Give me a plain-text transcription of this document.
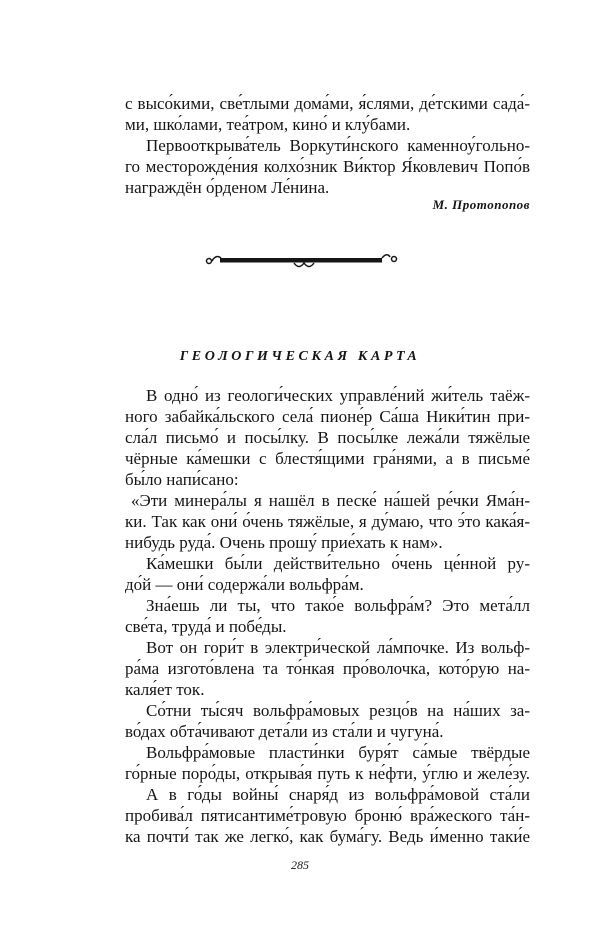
с высо́кими, све́тлыми дома́ми, я́слями, де́тскими сада́-
ми, шко́лами, теа́тром, кино́ и клу́бами.
Первооткрыва́тель Воркути́нского каменноу́гольно-
го месторожде́ния колхо́зник Ви́ктор Я́ковлевич Попо́в
награждён о́рденом Ле́нина.
М. Протопопов
ГЕОЛОГИЧЕСКАЯ КАРТА
В одно́ из геологи́ческих управле́ний жи́тель таёж-
ного забайка́льского села́ пионе́р Са́ша Ники́тин при-
сла́л письмо́ и посы́лку. В посы́лке лежа́ли тяжёлые
чёрные ка́мешки с блестя́щими гра́нями, а в письме́
бы́ло напи́сано:
«Эти минера́лы я нашёл в песке́ на́шей ре́чки Яма́н-
ки. Так как они́ о́чень тяжёлые, я ду́маю, что э́то кака́я-
нибудь руда́. Очень прошу́ прие́хать к нам».
Ка́мешки бы́ли действи́тельно о́чень це́нной ру-
до́й — они́ содержа́ли вольфра́м.
Зна́ешь ли ты, что тако́е вольфра́м? Это мета́лл
све́та, труда́ и побе́ды.
Вот он гори́т в электри́ческой ла́мпочке. Из вольф-
ра́ма изгото́влена та то́нкая про́волочка, кото́рую на-
каля́ет ток.
Со́тни ты́сяч вольфра́мовых резцо́в на на́ших за-
во́дах обта́чивают дета́ли из ста́ли и чугуна́.
Вольфра́мовые пласти́нки буря́т са́мые твёрдые
го́рные поро́ды, открыва́я путь к не́фти, у́глю и желе́зу.
А в го́ды войны́ снаря́д из вольфра́мовой ста́ли
пробива́л пятисантиме́тровую броню́ вра́жеского та́н-
ка почти́ так же легко́, как бума́гу. Ведь и́менно таки́е
285
